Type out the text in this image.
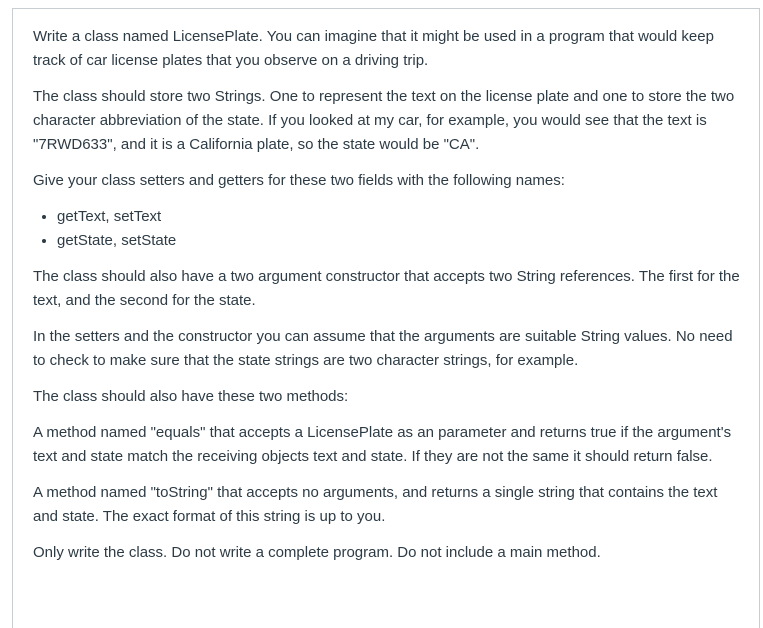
Write a class named LicensePlate. You can imagine that it might be used in a program that would keep track of car license plates that you observe on a driving trip.

The class should store two Strings. One to represent the text on the license plate and one to store the two character abbreviation of the state. If you looked at my car, for example, you would see that the text is "7RWD633", and it is a California plate, so the state would be "CA".

Give your class setters and getters for these two fields with the following names:

• getText, setText
• getState, setState

The class should also have a two argument constructor that accepts two String references. The first for the text, and the second for the state.

In the setters and the constructor you can assume that the arguments are suitable String values. No need to check to make sure that the state strings are two character strings, for example.

The class should also have these two methods:

A method named "equals" that accepts a LicensePlate as an parameter and returns true if the argument's text and state match the receiving objects text and state. If they are not the same it should return false.

A method named "toString" that accepts no arguments, and returns a single string that contains the text and state. The exact format of this string is up to you.

Only write the class. Do not write a complete program. Do not include a main method.
